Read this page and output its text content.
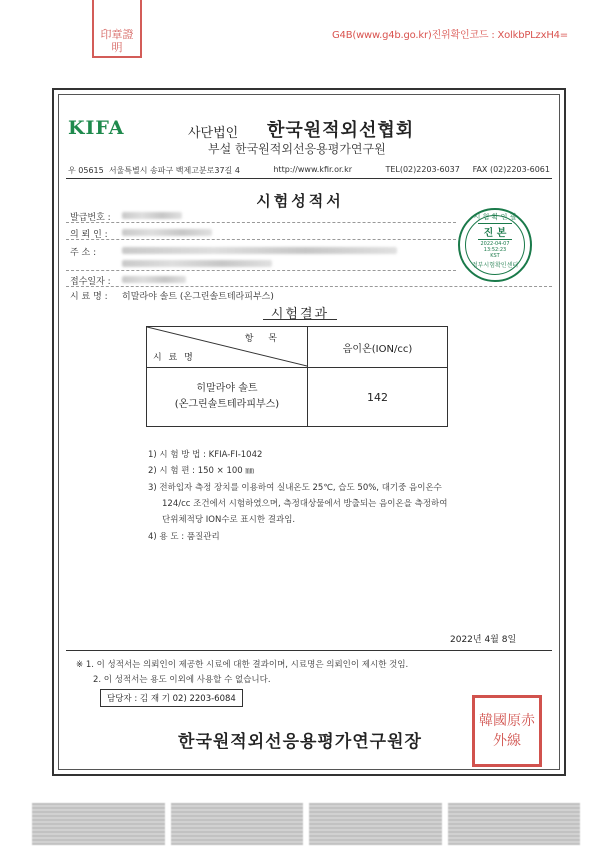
印 章 證
明
G4B(www.g4b.go.kr)진위확인코드 : XolkbPLzxH4=
KIFA	사단법인 한국원적외선협회
부설 한국원적외선응용평가연구원
우 05615 서울특별시 송파구 백제고분로37길 4	http://www.kfir.or.kr	TEL(02)2203-6037 FAX (02)2203-6061
시험성적서
발급번호 :
의 뢰 인 :
주 소 :
접수일자 :
시 료 명 : 히말라야 솔트 (온그린솔트테라피부스)
시 험 확 인 필
진 본
2022-04-07
13:52:23
KST
정부시험확인센터
시험결과
항 목
시 료 명	음이온(ION/cc)

히말라야 솔트
(온그린솔트테라피부스)	142
1) 시 험 방 법 : KFIA-FI-1042
2) 시 험 편 : 150 × 100 ㎜
3) 전하입자 측정 장치를 이용하여 실내온도 25℃, 습도 50%, 대기중 음이온수
124/cc 조건에서 시험하였으며, 측정대상물에서 방출되는 음이온을 측정하여
단위체적당 ION수로 표시한 결과임.
4) 용 도 : 품질관리
2022년 4월 8일
※ 1. 이 성적서는 의뢰인이 제공한 시료에 대한 결과이며, 시료명은 의뢰인이 제시한 것임.
2. 이 성적서는 용도 이외에 사용할 수 없습니다.
담당자 : 김 재 기 02) 2203-6084
韓國 原赤
外線
한국원적외선응용평가연구원장
